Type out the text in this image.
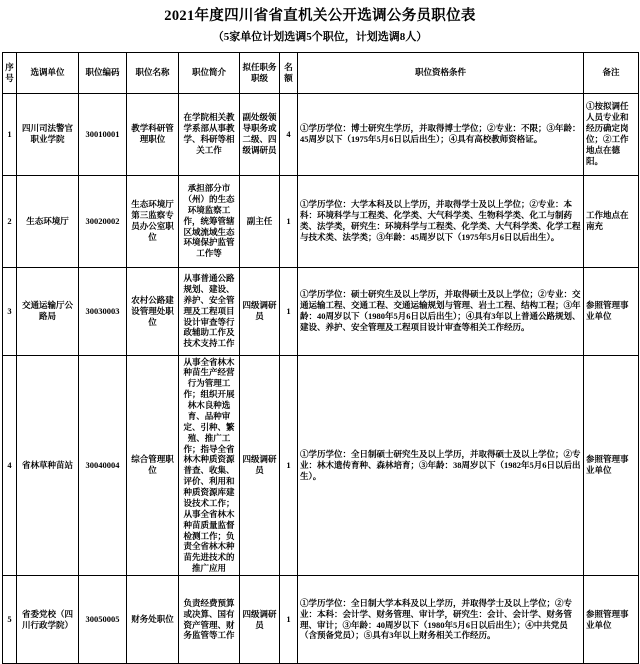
2021年度四川省省直机关公开选调公务员职位表
（5家单位计划选调5个职位，计划选调8人）
序号	选调单位	职位编码	职位名称	职位简介	拟任职务职级	名额	职位资格条件	备注
1	四川司法警官职业学院	30010001	教学科研管理职位	在学院相关教学系部从事教学、科研等相关工作	副处级领导职务或二级、四级调研员	4	①学历学位：博士研究生学历，并取得博士学位；②专业：不限；③年龄：45周岁以下（1975年5月6日以后出生）；④具有高校教师资格证。	①按拟调任人员专业和经历确定岗位；②工作地点在德阳。
2	生态环境厅	30020002	生态环境厅第三监察专员办公室职位	承担部分市（州）的生态环境监察工作，统筹管辖区域流域生态环境保护监管工作等	副主任	1	①学历学位：大学本科及以上学历，并取得学士及以上学位；②专业：本科：环境科学与工程类、化学类、大气科学类、生物科学类、化工与制药类、法学类，研究生：环境科学与工程类、化学类、大气科学类、化学工程与技术类、法学类；③年龄：45周岁以下（1975年5月6日以后出生）。	工作地点在南充
3	交通运输厅公路局	30030003	农村公路建设管理处职位	从事普通公路规划、建设、养护、安全管理及工程项目设计审查等行政辅助工作及技术支持工作	四级调研员	1	①学历学位：硕士研究生及以上学历，并取得硕士及以上学位；②专业：交通运输工程、交通工程、交通运输规划与管理、岩土工程、结构工程；③年龄：40周岁以下（1980年5月6日以后出生）；④具有3年以上普通公路规划、建设、养护、安全管理及工程项目设计审查等相关工作经历。	参照管理事业单位
4	省林草种苗站	30040004	综合管理职位	从事全省林木种苗生产经营行为管理工作；组织开展林木良种选育、品种审定、引种、繁殖、推广工作；指导全省林木种质资源普查、收集、评价、利用和种质资源库建设技术工作；从事全省林木种苗质量监督检测工作；负责全省林木种苗先进技术的推广应用	四级调研员	1	①学历学位：全日制硕士研究生及以上学历，并取得硕士及以上学位；②专业：林木遗传育种、森林培育；③年龄：38周岁以下（1982年5月6日以后出生）。	参照管理事业单位
5	省委党校（四川行政学院）	30050005	财务处职位	负责经费预算或决算、国有资产管理、财务监管等工作	四级调研员	1	①学历学位：全日制大学本科及以上学历，并取得学士及以上学位；②专业：本科：会计学、财务管理、审计学，研究生：会计、会计学、财务管理、审计；③年龄：40周岁以下（1980年5月6日以后出生）；④中共党员（含预备党员）；⑤具有3年以上财务相关工作经历。	参照管理事业单位
